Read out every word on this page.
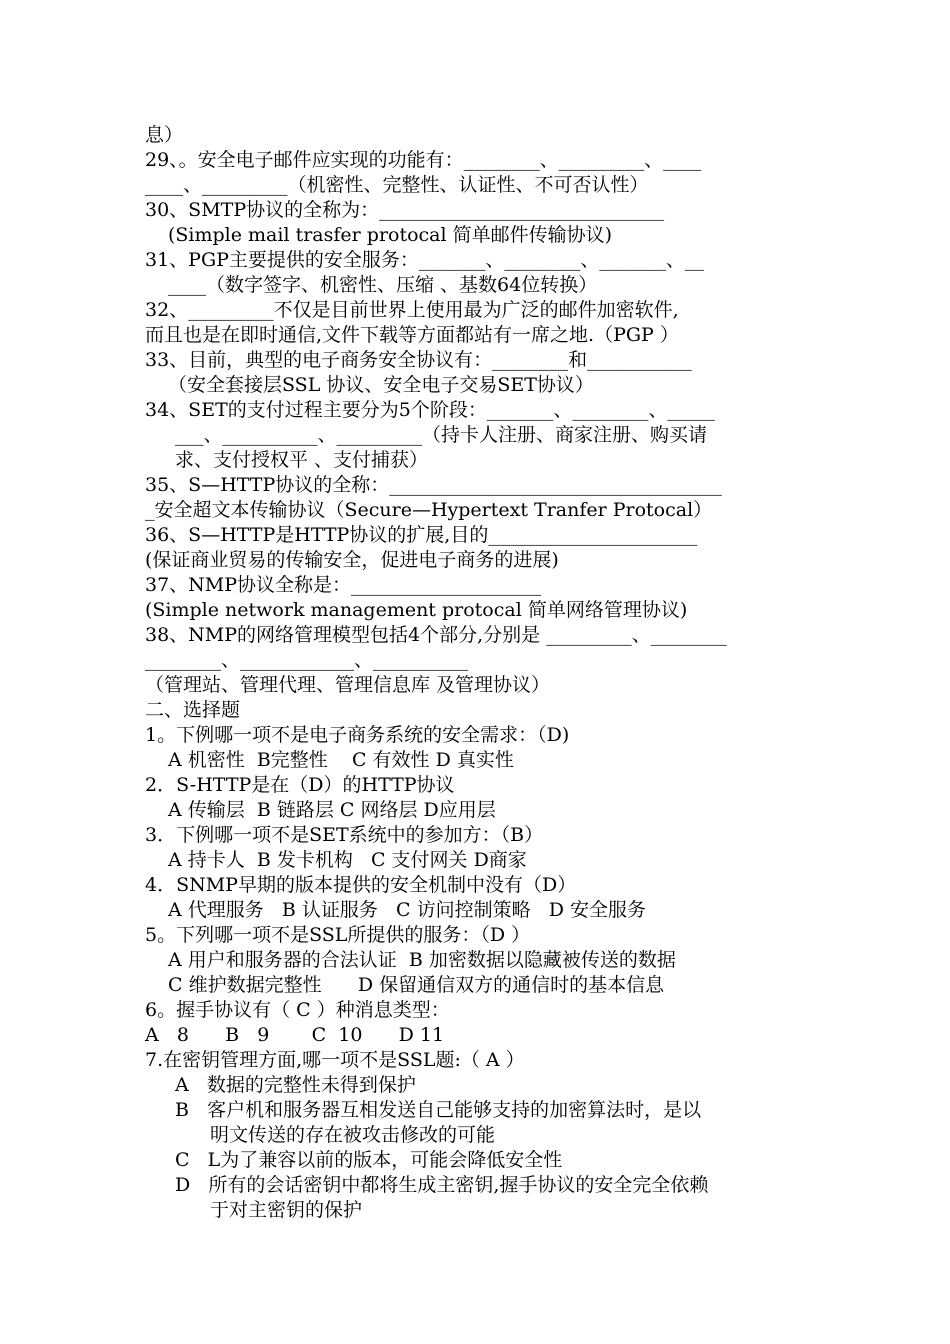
息）
29、。安全电子邮件应实现的功能有：________、_________、____
____、_________（机密性、完整性、认证性、不可否认性）
30、SMTP协议的全称为：______________________________
(Simple mail trasfer protocal 简单邮件传输协议)
31、PGP主要提供的安全服务：_______、________、_______、__
____（数字签字、机密性、压缩 、基数64位转换）
32、_________不仅是目前世界上使用最为广泛的邮件加密软件,
而且也是在即时通信,文件下载等方面都站有一席之地.（PGP ）
33、目前，典型的电子商务安全协议有：________和___________
（安全套接层SSL 协议、安全电子交易SET协议）
34、SET的支付过程主要分为5个阶段：_______、________、_____
___、__________、_________（持卡人注册、商家注册、购买请
求、支付授权平 、支付捕获）
35、S—HTTP协议的全称：___________________________________
_安全超文本传输协议（Secure—Hypertext Tranfer Protocal）
36、S—HTTP是HTTP协议的扩展,目的______________________
(保证商业贸易的传输安全，促进电子商务的进展)
37、NMP协议全称是：____________________
(Simple network management protocal 简单网络管理协议)
38、NMP的网络管理模型包括4个部分,分别是 _________、________
________、____________、__________
（管理站、管理代理、管理信息库 及管理协议）
二、选择题
1。下例哪一项不是电子商务系统的安全需求：（D)
A 机密性  B完整性    C 有效性 D 真实性
2．S-HTTP是在（D）的HTTP协议
A 传输层  B 链路层 C 网络层 D应用层
3．下例哪一项不是SET系统中的参加方：（B）
A 持卡人  B 发卡机构   C 支付网关 D商家
4．SNMP早期的版本提供的安全机制中没有（D）
A 代理服务   B 认证服务   C 访问控制策略   D 安全服务
5。下列哪一项不是SSL所提供的服务：（D ）
A 用户和服务器的合法认证  B 加密数据以隐藏被传送的数据
C 维护数据完整性      D 保留通信双方的通信时的基本信息
6。握手协议有（ C ）种消息类型：
A   8      B   9       C  10      D 11
7.在密钥管理方面,哪一项不是SSL题:（ A ）
A   数据的完整性未得到保护
B   客户机和服务器互相发送自己能够支持的加密算法时，是以
明文传送的存在被攻击修改的可能
C   L为了兼容以前的版本，可能会降低安全性
D   所有的会话密钥中都将生成主密钥,握手协议的安全完全依赖
于对主密钥的保护
